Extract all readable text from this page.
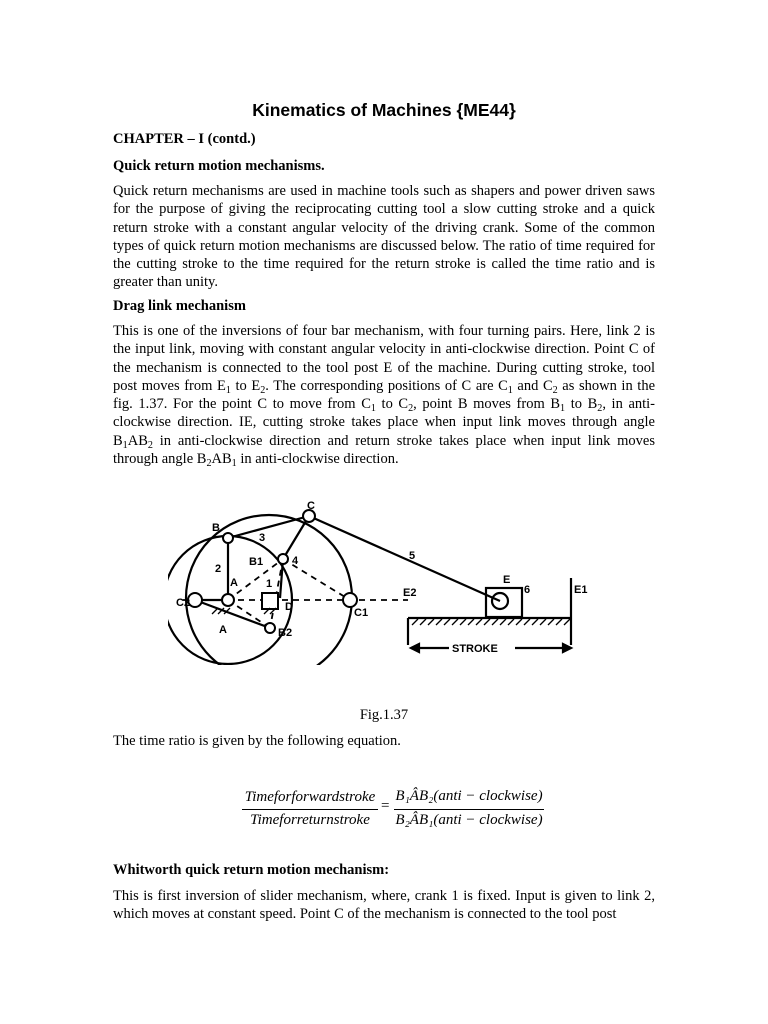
Kinematics of Machines {ME44}
CHAPTER – I (contd.)
Quick return motion mechanisms.
Quick return mechanisms are used in machine tools such as shapers and power driven saws for the purpose of giving the reciprocating cutting tool a slow cutting stroke and a quick return stroke with a constant angular velocity of the driving crank. Some of the common types of quick return motion mechanisms are discussed below. The ratio of time required for the cutting stroke to the time required for the return stroke is called the time ratio and is greater than unity.
Drag link mechanism
This is one of the inversions of four bar mechanism, with four turning pairs. Here, link 2 is the input link, moving with constant angular velocity in anti-clockwise direction. Point C of the mechanism is connected to the tool post E of the machine. During cutting stroke, tool post moves from $E_1$ to $E_2$. The corresponding positions of C are $C_1$ and $C_2$ as shown in the fig. 1.37. For the point C to move from $C_1$ to $C_2$, point B moves from $B_1$ to $B_2$, in anti-clockwise direction. IE, cutting stroke takes place when input link moves through angle $B_1AB_2$ in anti-clockwise direction and return stroke takes place when input link moves through angle $B_2AB_1$ in anti-clockwise direction.
B
C
B1
A
A
1
2
3
4	5
6
C2
C1
D
B2
E
E1
E2
STROKE
Fig.1.37
The time ratio is given by the following equation.
Timeforforwardstroke
Timeforreturnstroke
=
B₁ÂB₂(anti − clockwise)
B₂ÂB₁(anti − clockwise)
Whitworth quick return motion mechanism:
This is first inversion of slider mechanism, where, crank 1 is fixed. Input is given to link 2, which moves at constant speed. Point C of the mechanism is connected to the tool post
